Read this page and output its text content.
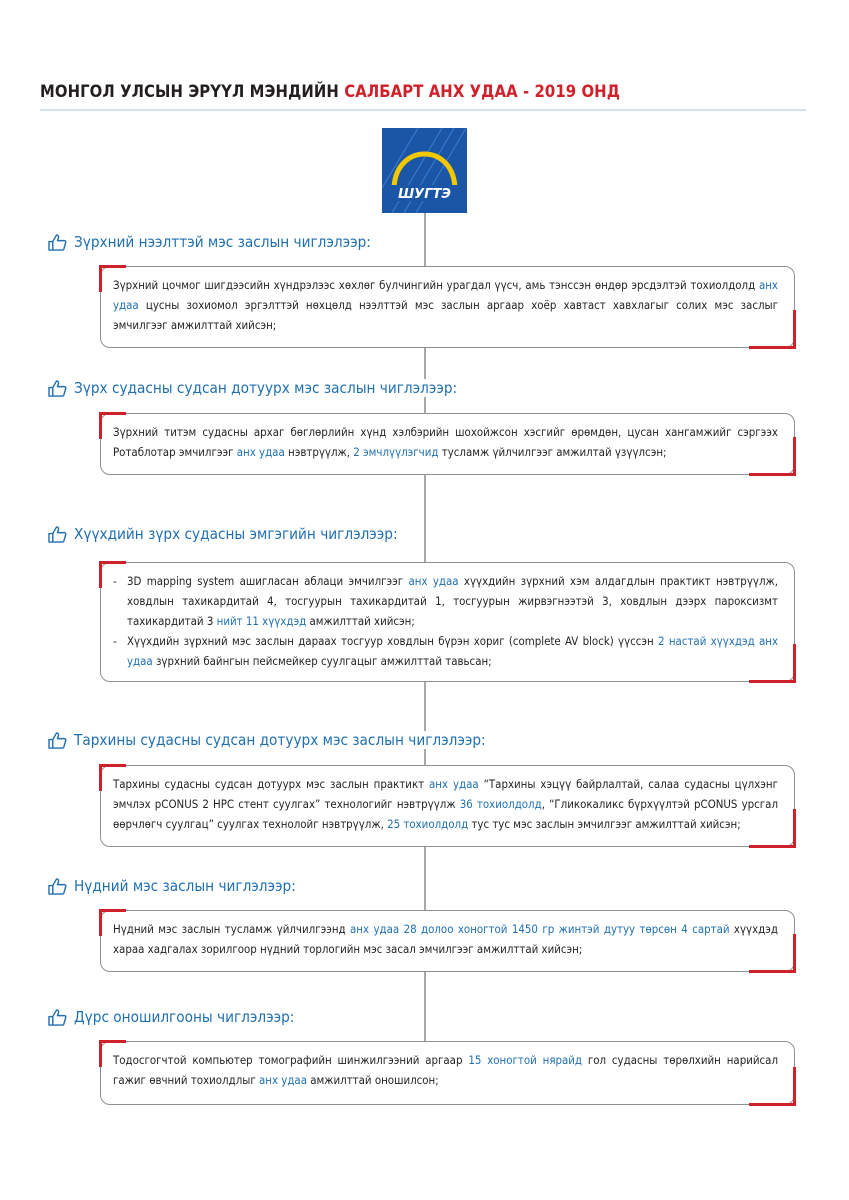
МОНГОЛ УЛСЫН ЭРҮҮЛ МЭНДИЙН САЛБАРТ АНХ УДАА - 2019 ОНД
ШУГТЭ
Зүрхний нээлттэй мэс заслын чиглэлээр:
Зүрхний цочмог шигдээсийн хүндрэлээс хөхлөг булчингийн урагдал үүсч, амь тэнссэн өндөр эрсдэлтэй тохиолдолд анх удаа цусны зохиомол эргэлттэй нөхцөлд нээлттэй мэс заслын аргаар хоёр хавтаст хавхлагыг солих мэс заслыг эмчилгээг амжилттай хийсэн;
Зүрх судасны судсан дотуурх мэс заслын чиглэлээр:
Зүрхний титэм судасны архаг бөглөрлийн хүнд хэлбэрийн шохойжсон хэсгийг өрөмдөн, цусан хангамжийг сэргээх Ротаблотар эмчилгээг анх удаа нэвтрүүлж, 2 эмчлүүлэгчид тусламж үйлчилгээг амжилтай үзүүлсэн;
Хүүхдийн зүрх судасны эмгэгийн чиглэлээр:
- 3D mapping system ашигласан аблаци эмчилгээг анх удаа хүүхдийн зүрхний хэм алдагдлын практикт нэвтрүүлж, ховдлын тахикардитай 4, тосгуурын тахикардитай 1, тосгуурын жирвэгнээтэй 3, ховдлын дээрх пароксизмт тахикардитай 3 нийт 11 хүүхдэд амжилттай хийсэн;
- Хүүхдийн зүрхний мэс заслын дараах тосгуур ховдлын бүрэн хориг (complete AV block) үүссэн 2 настай хүүхдэд анх удаа зүрхний байнгын пейсмейкер суулгацыг амжилттай тавьсан;
Тархины судасны судсан дотуурх мэс заслын чиглэлээр:
Тархины судасны судсан дотуурх мэс заслын практикт анх удаа “Тархины хэцүү байрлалтай, салаа судасны цүлхэнг эмчлэх pCONUS 2 HPC стент суулгах” технологийг нэвтрүүлж 36 тохиолдолд, “Гликокаликс бүрхүүлтэй pCONUS урсгал өөрчлөгч суулгац” суулгах технолойг нэвтрүүлж, 25 тохиолдолд тус тус мэс заслын эмчилгээг амжилттай хийсэн;
Нүдний мэс заслын чиглэлээр:
Нүдний мэс заслын тусламж үйлчилгээнд анх удаа 28 долоо хоногтой 1450 гр жинтэй дутуу төрсөн 4 сартай хүүхдэд хараа хадгалах зорилгоор нүдний торлогийн мэс засал эмчилгээг амжилттай хийсэн;
Дүрс оношилгооны чиглэлээр:
Тодосгогчтой компьютер томографийн шинжилгээний аргаар 15 хоногтой нярайд гол судасны төрөлхийн нарийсал гажиг өвчний тохиолдлыг анх удаа амжилттай оношилсон;
